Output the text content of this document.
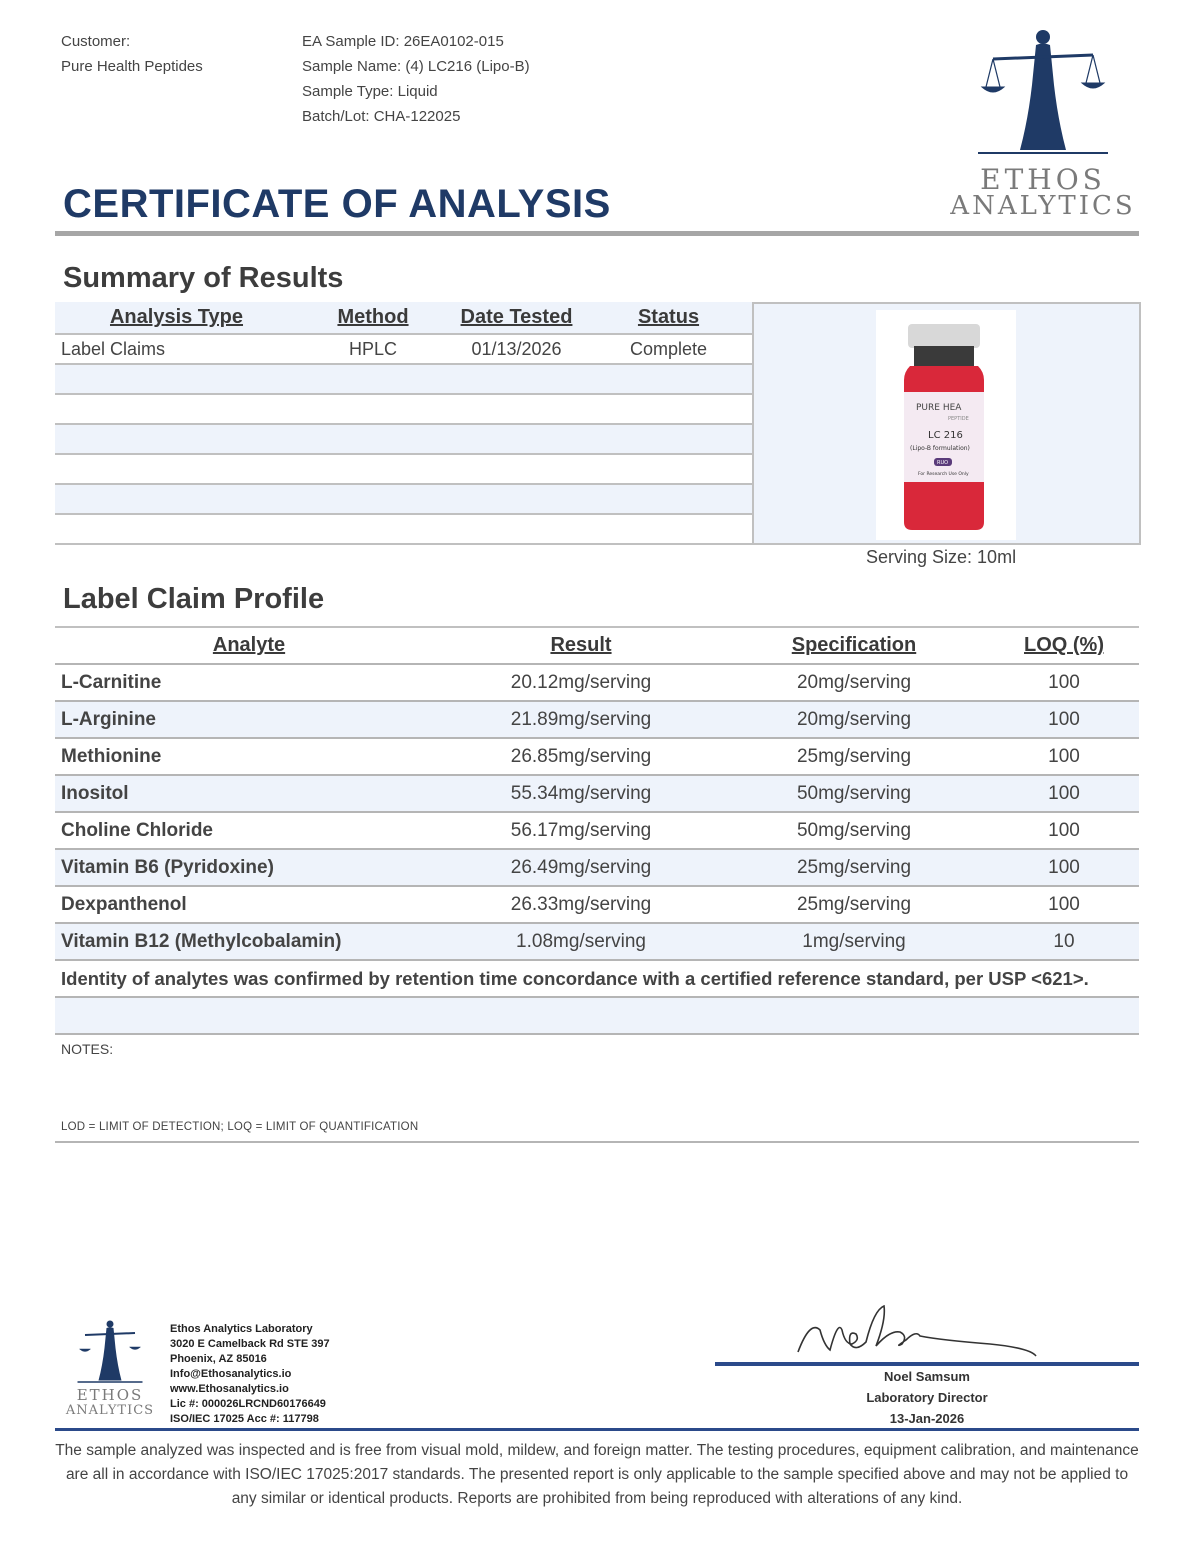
Customer:
Pure Health Peptides
EA Sample ID: 26EA0102-015
Sample Name: (4) LC216 (Lipo-B)
Sample Type: Liquid
Batch/Lot: CHA-122025
ETHOS
ANALYTICS
CERTIFICATE OF ANALYSIS
Summary of Results
Analysis Type	Method	Date Tested	Status
Label Claims	HPLC	01/13/2026	Complete

PURE HEA
PEPTIDE
LC 216
(Lipo-B formulation)
RUO
For Research Use Only
Serving Size: 10ml
Label Claim Profile
Analyte	Result	Specification	LOQ (%)
L-Carnitine	20.12mg/serving	20mg/serving	100
L-Arginine	21.89mg/serving	20mg/serving	100
Methionine	26.85mg/serving	25mg/serving	100
Inositol	55.34mg/serving	50mg/serving	100
Choline Chloride	56.17mg/serving	50mg/serving	100
Vitamin B6 (Pyridoxine)	26.49mg/serving	25mg/serving	100
Dexpanthenol	26.33mg/serving	25mg/serving	100
Vitamin B12 (Methylcobalamin)	1.08mg/serving	1mg/serving	10
Identity of analytes was confirmed by retention time concordance with a certified reference standard, per USP <621>.			

NOTES:
LOD = LIMIT OF DETECTION; LOQ = LIMIT OF QUANTIFICATION
ETHOS
ANALYTICS
Ethos Analytics Laboratory
3020 E Camelback Rd STE 397
Phoenix, AZ 85016
Info@Ethosanalytics.io
www.Ethosanalytics.io
Lic #: 000026LRCND60176649
ISO/IEC 17025 Acc #: 117798
Noel Samsum
Laboratory Director
13-Jan-2026
The sample analyzed was inspected and is free from visual mold, mildew, and foreign matter. The testing procedures, equipment calibration, and maintenance are all in accordance with ISO/IEC 17025:2017 standards. The presented report is only applicable to the sample specified above and may not be applied to any similar or identical products. Reports are prohibited from being reproduced with alterations of any kind.
